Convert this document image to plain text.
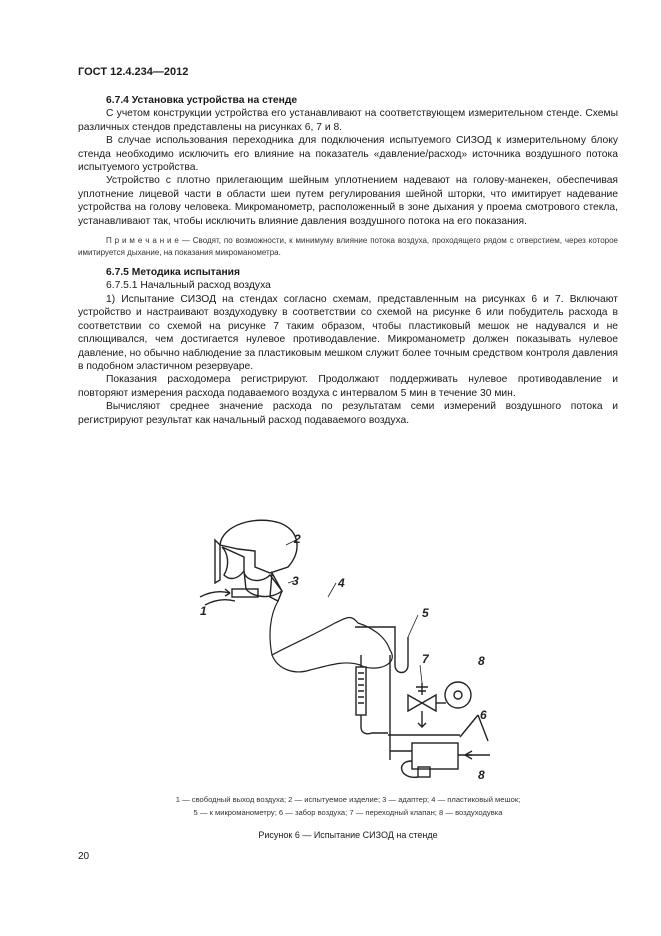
ГОСТ 12.4.234—2012

6.7.4 Установка устройства на стенде

С учетом конструкции устройства его устанавливают на соответствующем измерительном стенде. Схемы различных стендов представлены на рисунках 6, 7 и 8.

В случае использования переходника для подключения испытуемого СИЗОД к измерительному блоку стенда необходимо исключить его влияние на показатель «давление/расход» источника воздушного потока испытуемого устройства.

Устройство с плотно прилегающим шейным уплотнением надевают на голову-манекен, обеспечивая уплотнение лицевой части в области шеи путем регулирования шейной шторки, что имитирует надевание устройства на голову человека. Микроманометр, расположенный в зоне дыхания у проема смотрового стекла, устанавливают так, чтобы исключить влияние давления воздушного потока на его показания.

П р и м е ч а н и е — Сводят, по возможности, к минимуму влияние потока воздуха, проходящего рядом с отверстием, через которое имитируется дыхание, на показания микроманометра.

6.7.5 Методика испытания

6.7.5.1 Начальный расход воздуха

1) Испытание СИЗОД на стендах согласно схемам, представленным на рисунках 6 и 7. Включают устройство и настраивают воздуходувку в соответствии со схемой на рисунке 6 или побудитель расхода в соответствии со схемой на рисунке 7 таким образом, чтобы пластиковый мешок не надувался и не сплющивался, чем достигается нулевое противодавление. Микроманометр должен показывать нулевое давление, но обычно наблюдение за пластиковым мешком служит более точным средством контроля давления в подобном эластичном резервуаре.

Показания расходомера регистрируют. Продолжают поддерживать нулевое противодавление и повторяют измерения расхода подаваемого воздуха с интервалом 5 мин в течение 30 мин.

Вычисляют среднее значение расхода по результатам семи измерений воздушного потока и регистрируют результат как начальный расход подаваемого воздуха.

1
2
3	4
5
6
7	8
8
1 — свободный выход воздуха; 2 — испытуемое изделие; 3 — адаптер; 4 — пластиковый мешок;
5 — к микроманометру; 6 — забор воздуха; 7 — переходный клапан; 8 — воздуходувка
Рисунок 6 — Испытание СИЗОД на стенде
20
